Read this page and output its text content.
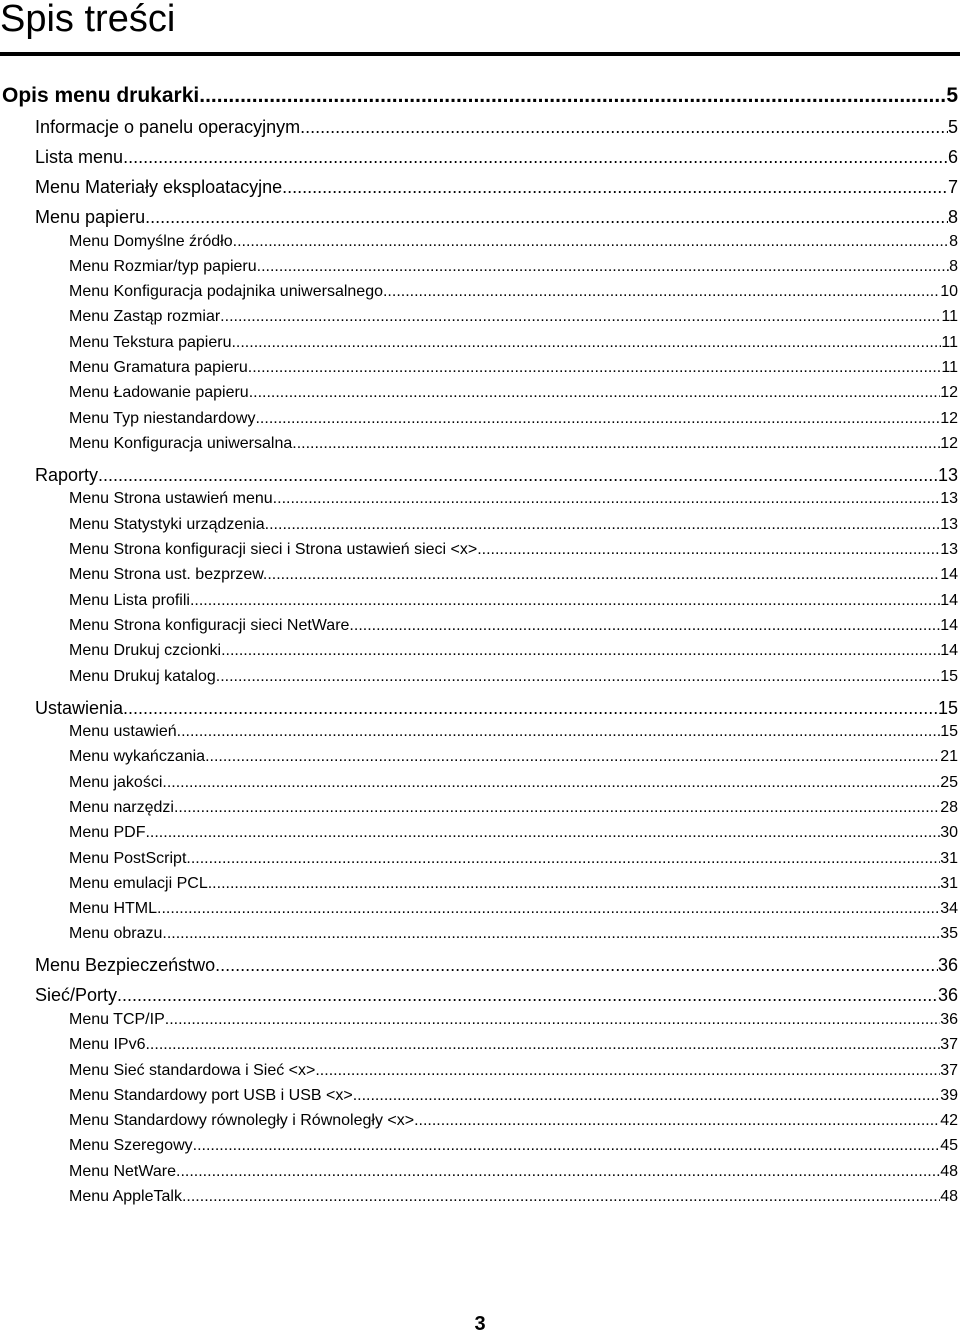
Spis treści
Opis menu drukarki .....	5
Informacje o panelu operacyjnym .....	5
Lista menu .....	6
Menu Materiały eksploatacyjne .....	7
Menu papieru .....	8
Menu Domyślne źródło .....	8
Menu Rozmiar/typ papieru .....	8
Menu Konfiguracja podajnika uniwersalnego .....	10
Menu Zastąp rozmiar .....	11
Menu Tekstura papieru .....	11
Menu Gramatura papieru .....	11
Menu Ładowanie papieru .....	12
Menu Typ niestandardowy .....	12
Menu Konfiguracja uniwersalna .....	12
Raporty .....	13
Menu Strona ustawień menu .....	13
Menu Statystyki urządzenia .....	13
Menu Strona konfiguracji sieci i Strona ustawień sieci <x> .....	13
Menu Strona ust. bezprzew. .....	14
Menu Lista profili .....	14
Menu Strona konfiguracji sieci NetWare .....	14
Menu Drukuj czcionki .....	14
Menu Drukuj katalog .....	15
Ustawienia .....	15
Menu ustawień .....	15
Menu wykańczania .....	21
Menu jakości .....	25
Menu narzędzi .....	28
Menu PDF .....	30
Menu PostScript .....	31
Menu emulacji PCL .....	31
Menu HTML .....	34
Menu obrazu .....	35
Menu Bezpieczeństwo .....	36
Sieć/Porty .....	36
Menu TCP/IP .....	36
Menu IPv6 .....	37
Menu Sieć standardowa i Sieć <x> .....	37
Menu Standardowy port USB i USB <x> .....	39
Menu Standardowy równoległy i Równoległy <x> .....	42
Menu Szeregowy .....	45
Menu NetWare .....	48
Menu AppleTalk .....	48
3
